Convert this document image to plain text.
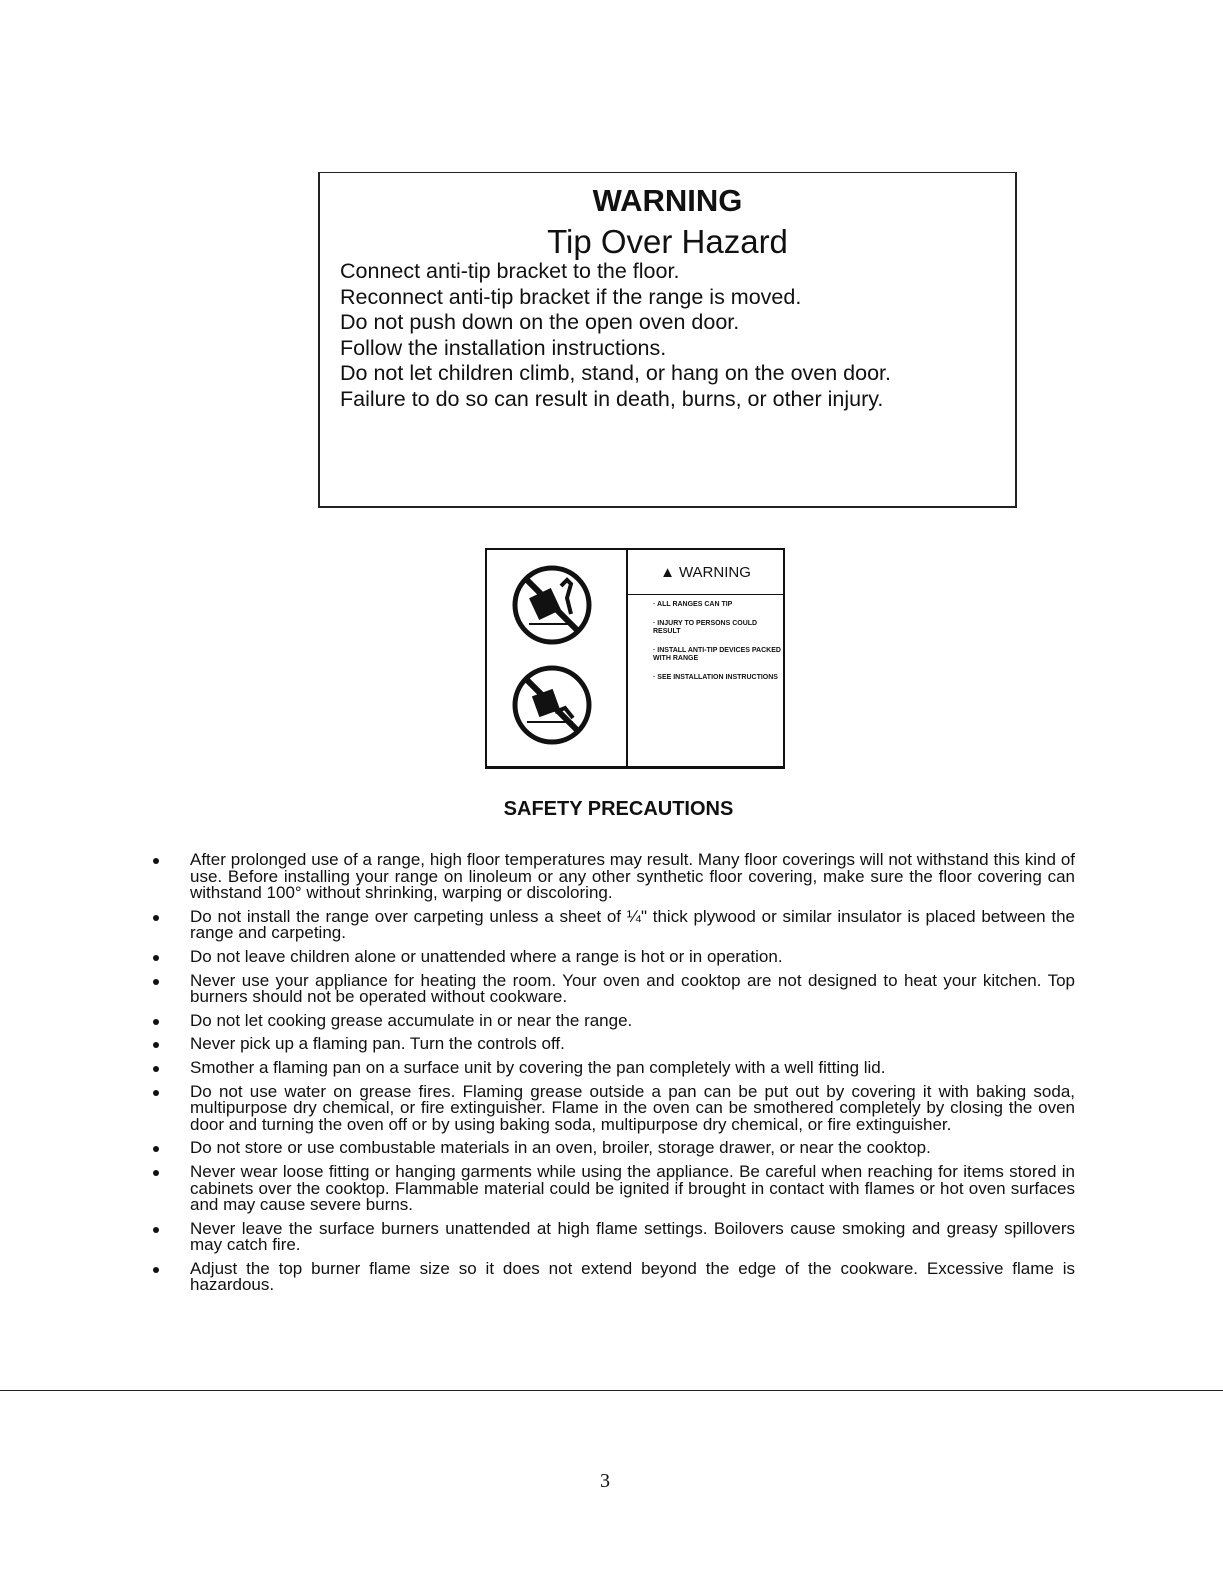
WARNING
Tip Over Hazard
Connect anti-tip bracket to the floor.
Reconnect anti-tip bracket if the range is moved.
Do not push down on the open oven door.
Follow the installation instructions.
Do not let children climb, stand, or hang on the oven door.
Failure to do so can result in death, burns, or other injury.
▲ WARNING
· ALL RANGES CAN TIP
· INJURY TO PERSONS COULD RESULT
· INSTALL ANTI-TIP DEVICES PACKED WITH RANGE
· SEE INSTALLATION INSTRUCTIONS
SAFETY PRECAUTIONS
After prolonged use of a range, high floor temperatures may result. Many floor coverings will not withstand this kind of use. Before installing your range on linoleum or any other synthetic floor covering, make sure the floor covering can withstand 100° without shrinking, warping or discoloring.
Do not install the range over carpeting unless a sheet of ¼" thick plywood or similar insulator is placed between the range and carpeting.
Do not leave children alone or unattended where a range is hot or in operation.
Never use your appliance for heating the room. Your oven and cooktop are not designed to heat your kitchen. Top burners should not be operated without cookware.
Do not let cooking grease accumulate in or near the range.
Never pick up a flaming pan. Turn the controls off.
Smother a flaming pan on a surface unit by covering the pan completely with a well fitting lid.
Do not use water on grease fires. Flaming grease outside a pan can be put out by covering it with baking soda, multipurpose dry chemical, or fire extinguisher. Flame in the oven can be smothered completely by closing the oven door and turning the oven off or by using baking soda, multipurpose dry chemical, or fire extinguisher.
Do not store or use combustable materials in an oven, broiler, storage drawer, or near the cooktop.
Never wear loose fitting or hanging garments while using the appliance. Be careful when reaching for items stored in cabinets over the cooktop. Flammable material could be ignited if brought in contact with flames or hot oven surfaces and may cause severe burns.
Never leave the surface burners unattended at high flame settings. Boilovers cause smoking and greasy spillovers may catch fire.
Adjust the top burner flame size so it does not extend beyond the edge of the cookware. Excessive flame is hazardous.
3
